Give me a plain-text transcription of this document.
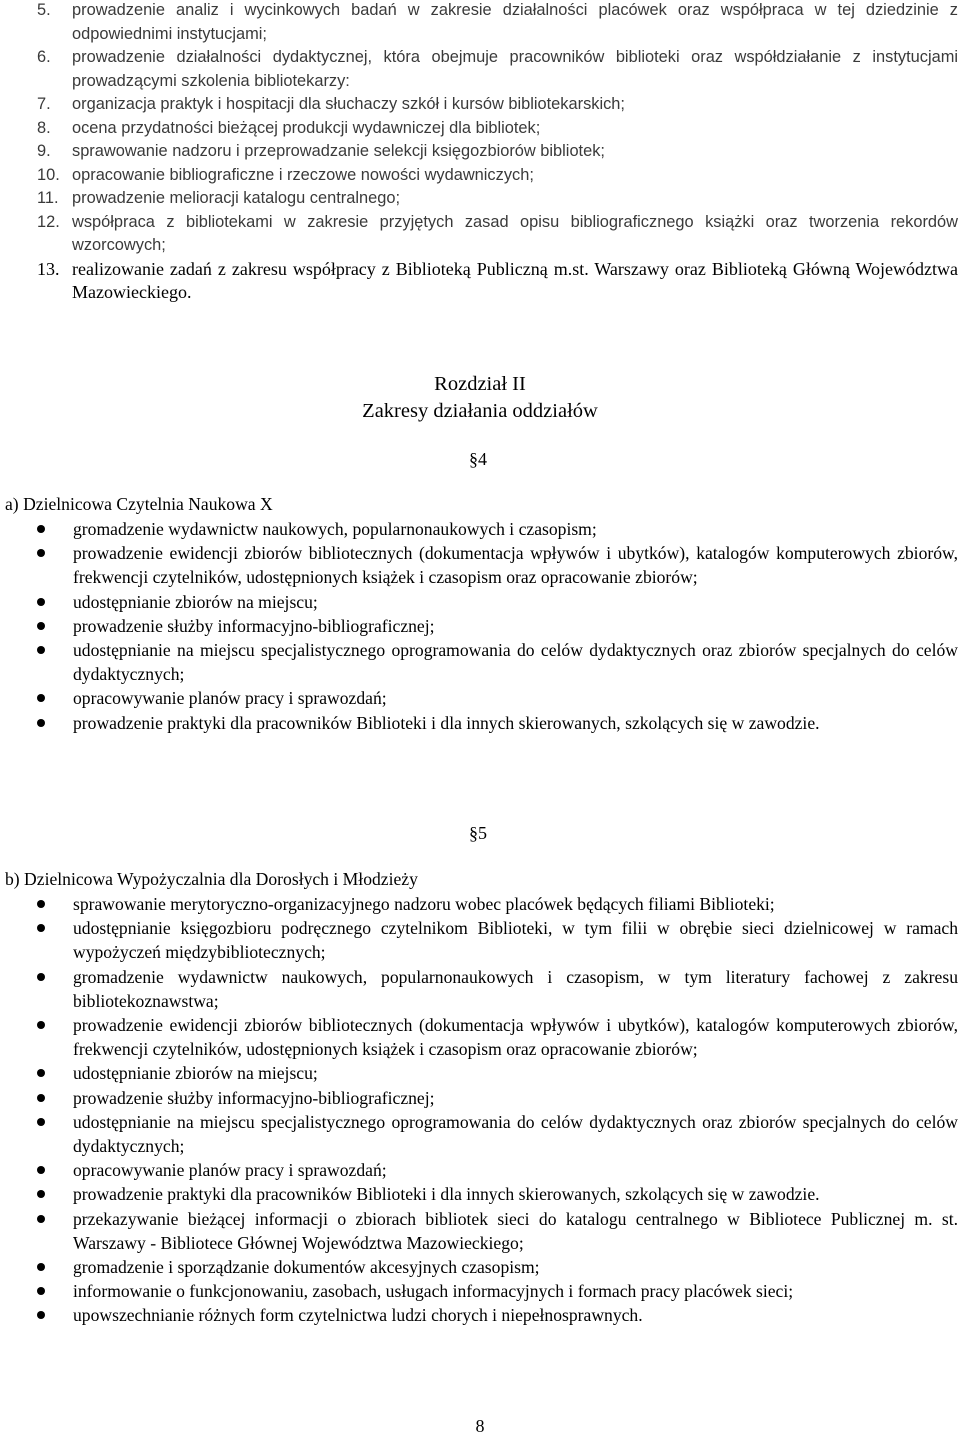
5.	prowadzenie analiz i wycinkowych badań w zakresie działalności placówek oraz współpraca w tej dziedzinie z odpowiednimi instytucjami;
6.	prowadzenie działalności dydaktycznej, która obejmuje pracowników biblioteki oraz współdziałanie z instytucjami prowadzącymi szkolenia bibliotekarzy:
7.	organizacja praktyk i hospitacji dla słuchaczy szkół i kursów bibliotekarskich;
8.	ocena przydatności bieżącej produkcji wydawniczej dla bibliotek;
9.	sprawowanie nadzoru i przeprowadzanie selekcji księgozbiorów bibliotek;
10. opracowanie bibliograficzne i rzeczowe nowości wydawniczych;
11. prowadzenie melioracji katalogu centralnego;
12. współpraca z bibliotekami w zakresie przyjętych zasad opisu bibliograficznego książki oraz tworzenia rekordów wzorcowych;
13. realizowanie zadań z zakresu współpracy z Biblioteką Publiczną m.st. Warszawy oraz Biblioteką Główną Województwa Mazowieckiego.
Rozdział II
Zakresy działania oddziałów
§4
a) Dzielnicowa Czytelnia Naukowa X
gromadzenie wydawnictw naukowych, popularnonaukowych i czasopism;
prowadzenie ewidencji zbiorów bibliotecznych (dokumentacja wpływów i ubytków), katalogów komputerowych zbiorów, frekwencji czytelników, udostępnionych książek i czasopism oraz opracowanie zbiorów;
udostępnianie zbiorów na miejscu;
prowadzenie służby informacyjno-bibliograficznej;
udostępnianie na miejscu specjalistycznego oprogramowania do celów dydaktycznych oraz zbiorów specjalnych do celów dydaktycznych;
opracowywanie planów pracy i sprawozdań;
prowadzenie praktyki dla pracowników Biblioteki i dla innych skierowanych, szkolących się w zawodzie.
§5
b) Dzielnicowa Wypożyczalnia dla Dorosłych i Młodzieży
sprawowanie merytoryczno-organizacyjnego nadzoru wobec placówek będących filiami Biblioteki;
udostępnianie księgozbioru podręcznego czytelnikom Biblioteki, w tym filii w obrębie sieci dzielnicowej w ramach wypożyczeń międzybibliotecznych;
gromadzenie wydawnictw naukowych, popularnonaukowych i czasopism, w tym literatury fachowej z zakresu bibliotekoznawstwa;
prowadzenie ewidencji zbiorów bibliotecznych (dokumentacja wpływów i ubytków), katalogów komputerowych zbiorów, frekwencji czytelników, udostępnionych książek i czasopism oraz opracowanie zbiorów;
udostępnianie zbiorów na miejscu;
prowadzenie służby informacyjno-bibliograficznej;
udostępnianie na miejscu specjalistycznego oprogramowania do celów dydaktycznych oraz zbiorów specjalnych do celów dydaktycznych;
opracowywanie planów pracy i sprawozdań;
prowadzenie praktyki dla pracowników Biblioteki i dla innych skierowanych, szkolących się w zawodzie.
przekazywanie bieżącej informacji o zbiorach bibliotek sieci do katalogu centralnego w Bibliotece Publicznej m. st. Warszawy - Bibliotece Głównej Województwa Mazowieckiego;
gromadzenie i sporządzanie dokumentów akcesyjnych czasopism;
informowanie o funkcjonowaniu, zasobach, usługach informacyjnych i formach pracy placówek sieci;
upowszechnianie różnych form czytelnictwa ludzi chorych i niepełnosprawnych.
8
